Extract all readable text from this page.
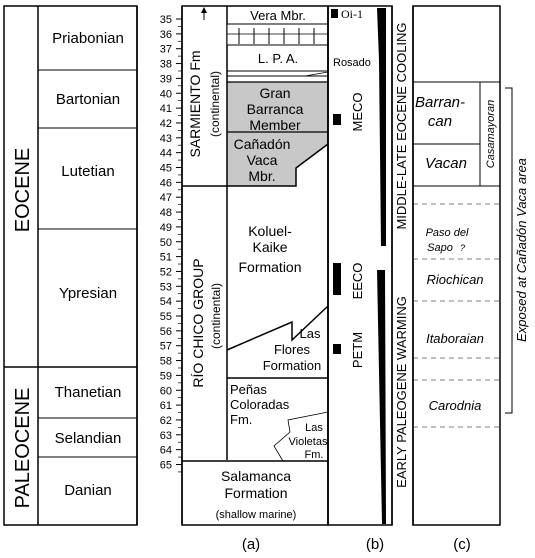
Priabonian
Bartonian
Lutetian
Ypresian
Thanetian
Selandian
Danian
EOCENE
PALEOCENE
35
36
37
38
39
40
41
42
43
44
45
46
47
48
49
50
51
52
53
54
55
56
57
58
59
60
61
62
63
64
65
SARMIENTO Fm (continental)
RÍO CHICO GROUP (continental)
Vera Mbr.
L. P. A.
Gran
Barranca
Member
Cañadón
Vaca
Mbr.
Koluel-
Kaike
Formation
Las
Flores
Formation
Peñas
Coloradas
Fm.
Las
Violetas
Fm.
Salamanca
Formation
(shallow marine)
Oi-1
Rosado
MECO
EECO
PETM
MIDDLE-LATE EOCENE COOLING
EARLY PALEOGENE WARMING
Barran-
can	Casamayoran
Vacan
Paso del
Sapo ?
Riochican
Itaboraian
Carodnia
Exposed at Cañadón Vaca area
(a)	(b)	(c)
